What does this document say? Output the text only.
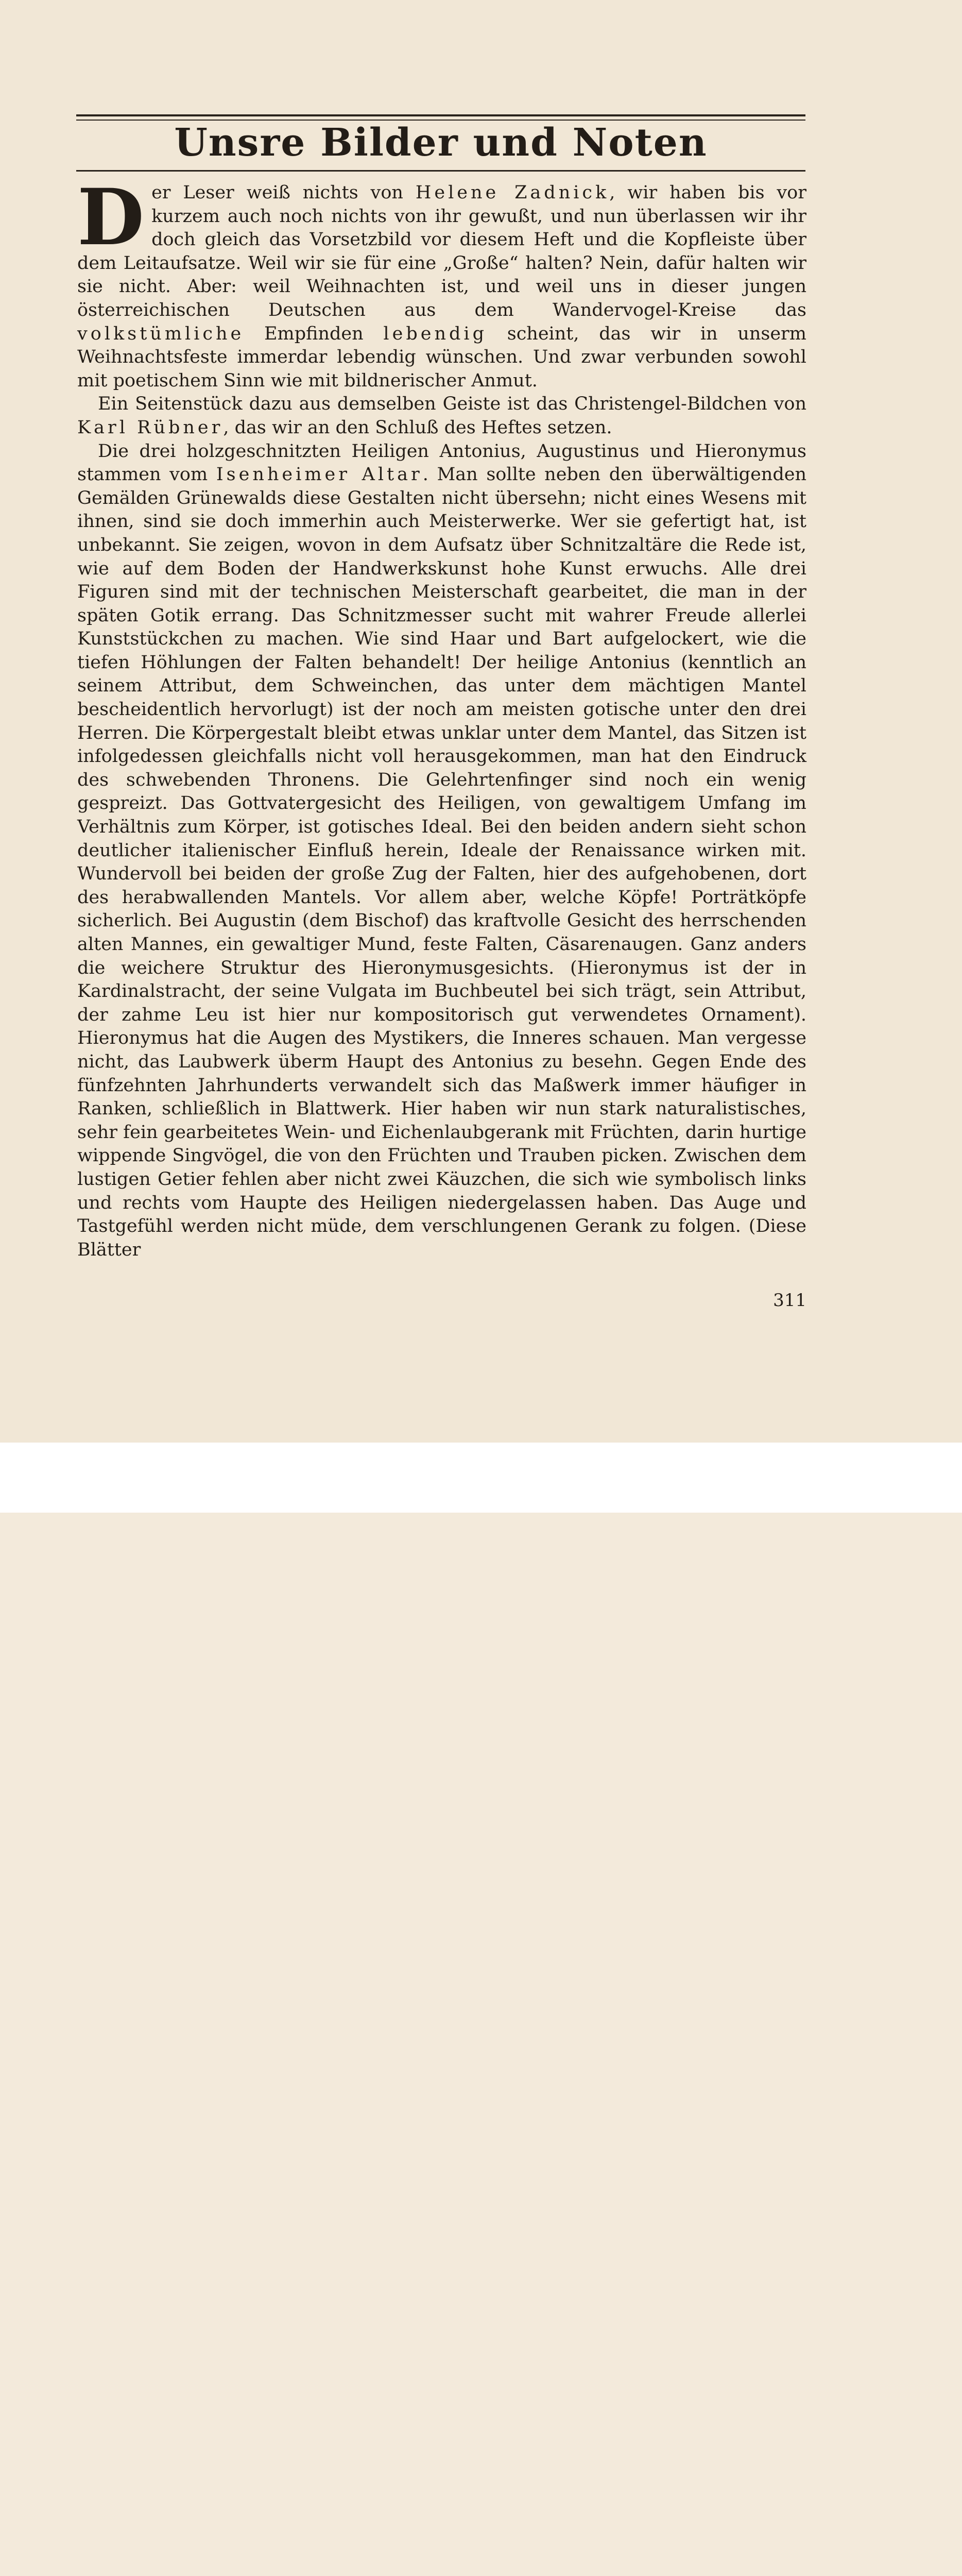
Unsre Bilder und Noten

Der Leser weiß nichts von Helene Zadnick, wir haben bis vor kurzem auch noch nichts von ihr gewußt, und nun überlassen wir ihr doch gleich das Vorsetzbild vor diesem Heft und die Kopfleiste über dem Leitaufsatze. Weil wir sie für eine „Große“ halten? Nein, dafür halten wir sie nicht. Aber: weil Weihnachten ist, und weil uns in dieser jungen österreichischen Deutschen aus dem Wandervogel-Kreise das volkstümliche Empfinden lebendig scheint, das wir in unserm Weihnachtsfeste immerdar lebendig wünschen. Und zwar verbunden sowohl mit poetischem Sinn wie mit bildnerischer Anmut.

Ein Seitenstück dazu aus demselben Geiste ist das Christengel-Bildchen von Karl Rübner, das wir an den Schluß des Heftes setzen.

Die drei holzgeschnitzten Heiligen Antonius, Augustinus und Hieronymus stammen vom Isenheimer Altar. Man sollte neben den überwältigenden Gemälden Grünewalds diese Gestalten nicht übersehn; nicht eines Wesens mit ihnen, sind sie doch immerhin auch Meisterwerke. Wer sie gefertigt hat, ist unbekannt. Sie zeigen, wovon in dem Aufsatz über Schnitzaltäre die Rede ist, wie auf dem Boden der Handwerkskunst hohe Kunst erwuchs. Alle drei Figuren sind mit der technischen Meisterschaft gearbeitet, die man in der späten Gotik errang. Das Schnitzmesser sucht mit wahrer Freude allerlei Kunststückchen zu machen. Wie sind Haar und Bart aufgelockert, wie die tiefen Höhlungen der Falten behandelt! Der heilige Antonius (kenntlich an seinem Attribut, dem Schweinchen, das unter dem mächtigen Mantel bescheidentlich hervorlugt) ist der noch am meisten gotische unter den drei Herren. Die Körpergestalt bleibt etwas unklar unter dem Mantel, das Sitzen ist infolgedessen gleichfalls nicht voll herausgekommen, man hat den Eindruck des schwebenden Thronens. Die Gelehrtenfinger sind noch ein wenig gespreizt. Das Gottvatergesicht des Heiligen, von gewaltigem Umfang im Verhältnis zum Körper, ist gotisches Ideal. Bei den beiden andern sieht schon deutlicher italienischer Einfluß herein, Ideale der Renaissance wirken mit. Wundervoll bei beiden der große Zug der Falten, hier des aufgehobenen, dort des herabwallenden Mantels. Vor allem aber, welche Köpfe! Porträtköpfe sicherlich. Bei Augustin (dem Bischof) das kraftvolle Gesicht des herrschenden alten Mannes, ein gewaltiger Mund, feste Falten, Cäsarenaugen. Ganz anders die weichere Struktur des Hieronymusgesichts. (Hieronymus ist der in Kardinalstracht, der seine Vulgata im Buchbeutel bei sich trägt, sein Attribut, der zahme Leu ist hier nur kompositorisch gut verwendetes Ornament). Hieronymus hat die Augen des Mystikers, die Inneres schauen. Man vergesse nicht, das Laubwerk überm Haupt des Antonius zu besehn. Gegen Ende des fünfzehnten Jahrhunderts verwandelt sich das Maßwerk immer häufiger in Ranken, schließlich in Blattwerk. Hier haben wir nun stark naturalistisches, sehr fein gearbeitetes Wein- und Eichenlaubgerank mit Früchten, darin hurtige wippende Singvögel, die von den Früchten und Trauben picken. Zwischen dem lustigen Getier fehlen aber nicht zwei Käuzchen, die sich wie symbolisch links und rechts vom Haupte des Heiligen niedergelassen haben. Das Auge und Tastgefühl werden nicht müde, dem verschlungenen Gerank zu folgen. (Diese Blätter

311
